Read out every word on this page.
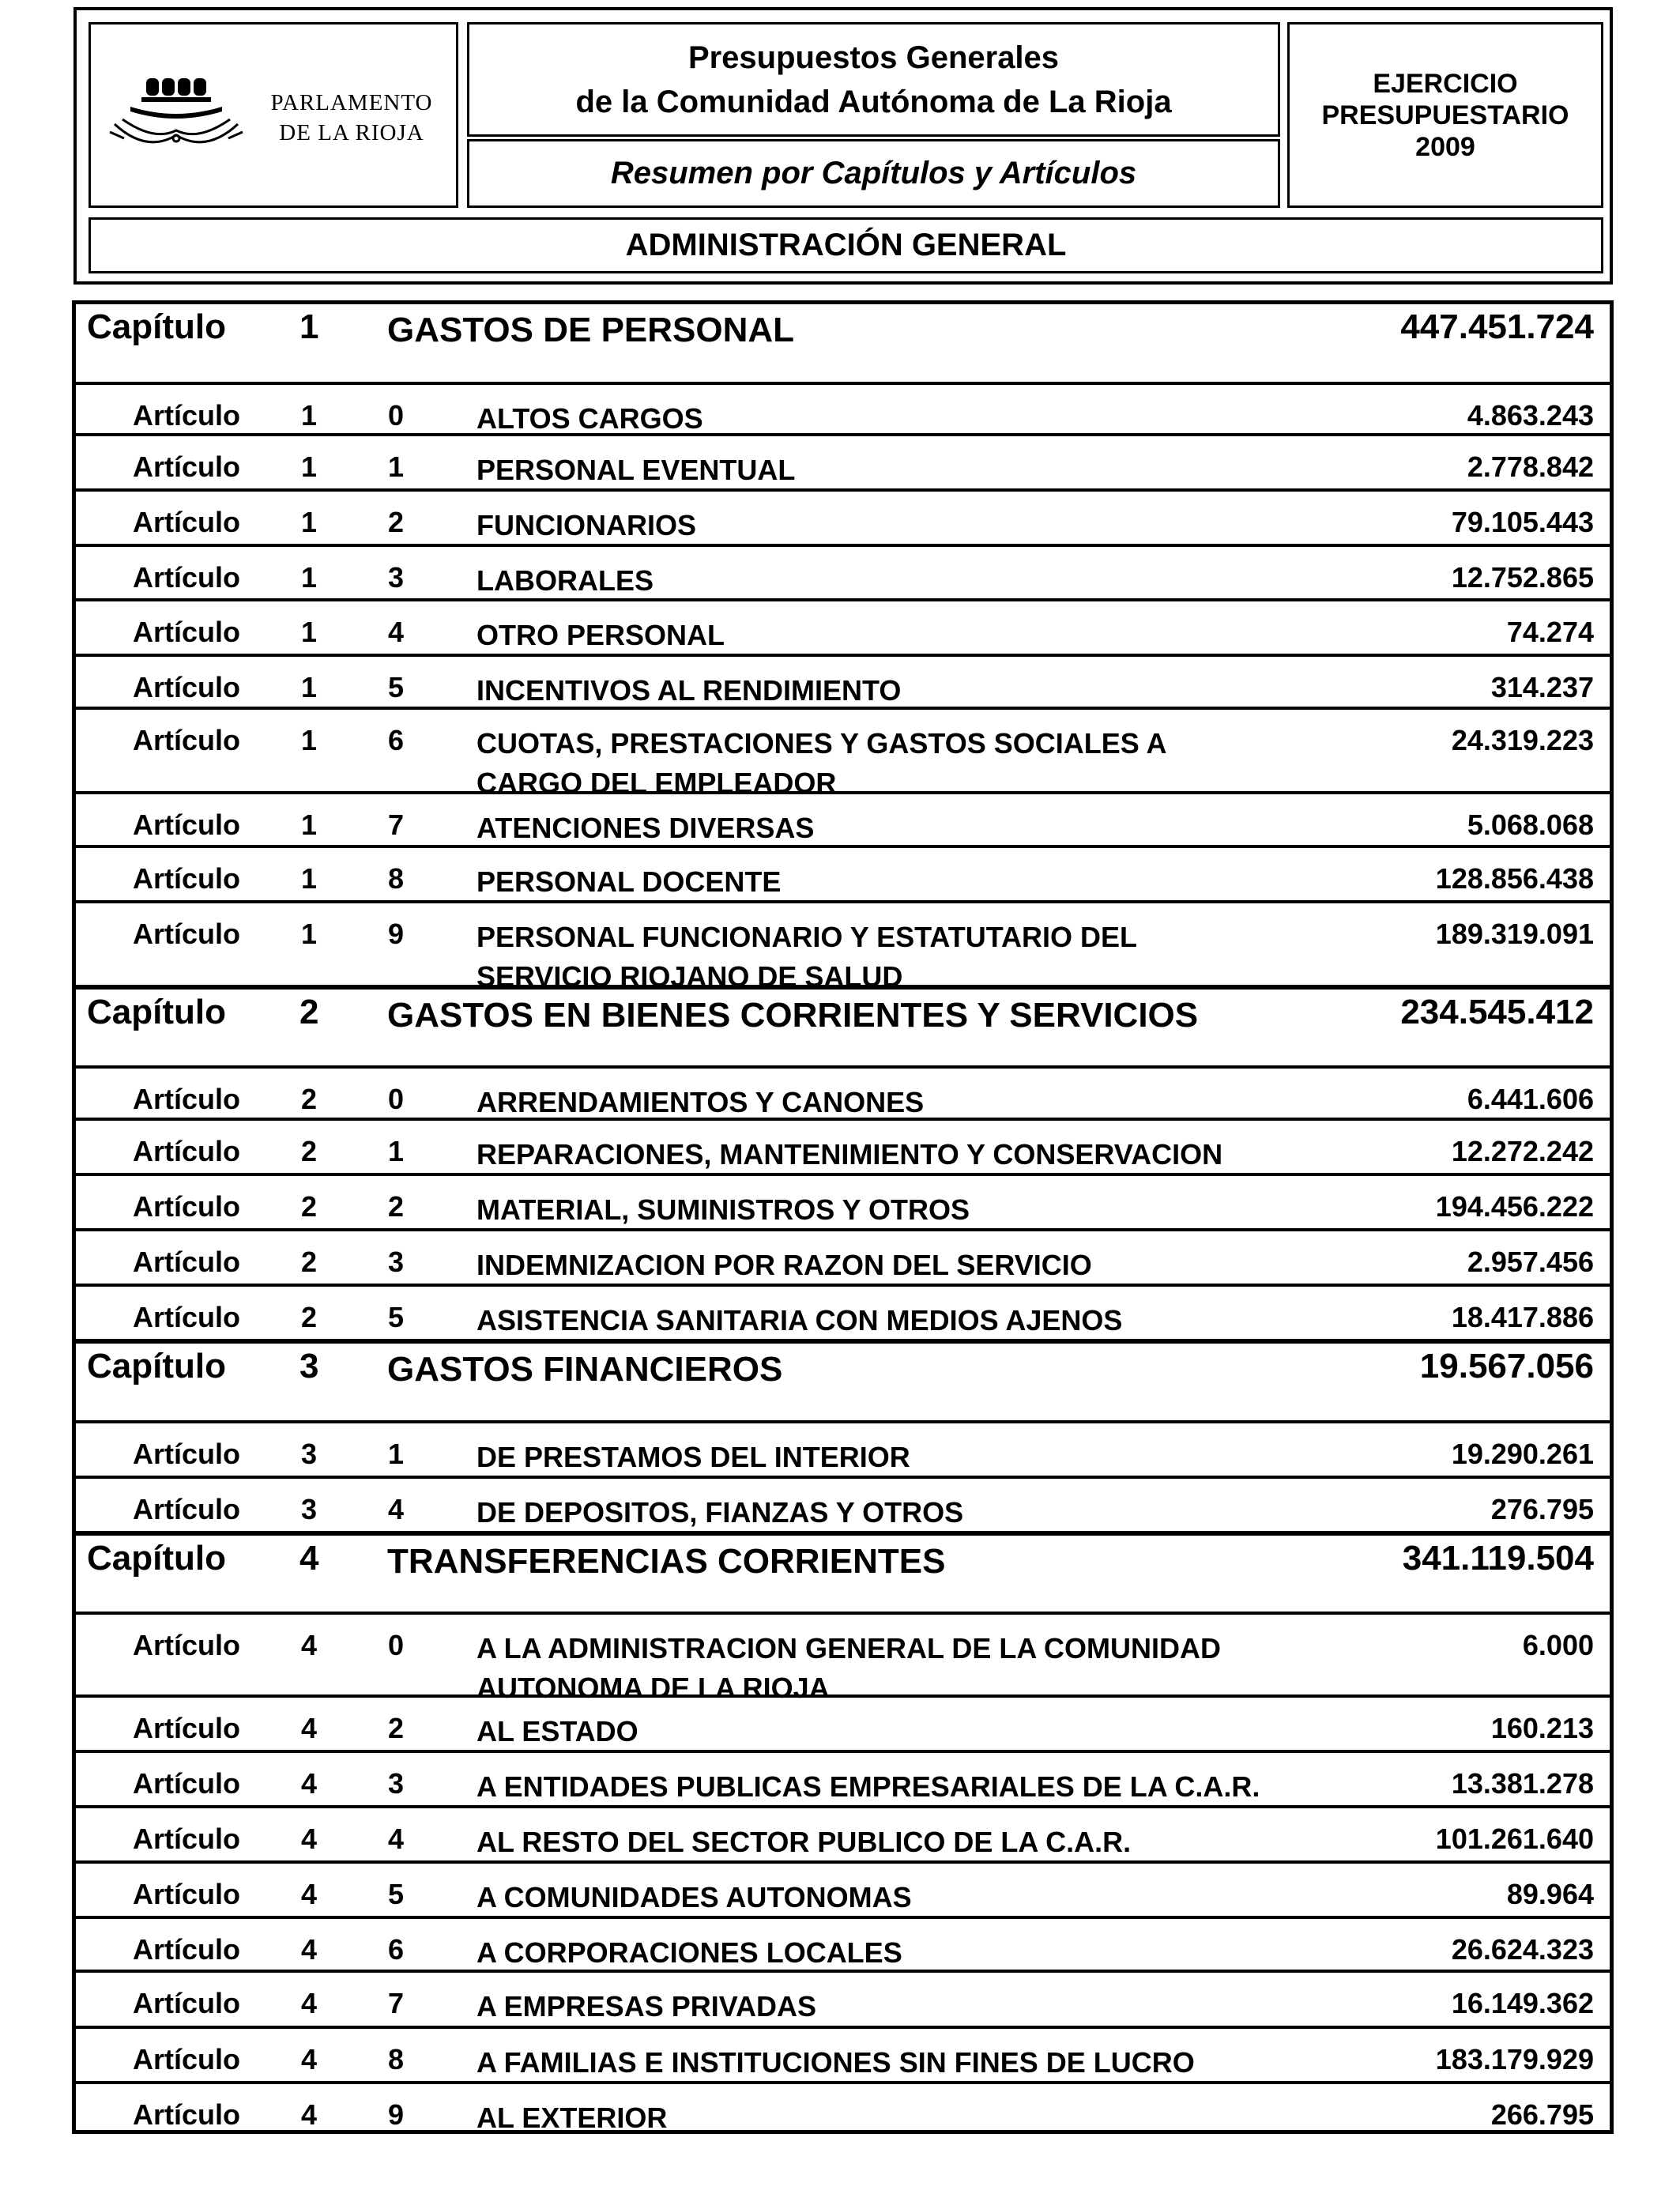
PARLAMENTO
DE LA RIOJA
Presupuestos Generales
de la Comunidad Autónoma de La Rioja
Resumen por Capítulos y Artículos
EJERCICIO
PRESUPUESTARIO
2009
ADMINISTRACIÓN GENERAL
Capítulo 1 GASTOS DE PERSONAL	447.451.724
Artículo 1 0	ALTOS CARGOS	4.863.243
Artículo 1 1	PERSONAL EVENTUAL	2.778.842
Artículo 1 2	FUNCIONARIOS	79.105.443
Artículo 1 3	LABORALES	12.752.865
Artículo 1 4	OTRO PERSONAL	74.274
Artículo 1 5	INCENTIVOS AL RENDIMIENTO	314.237
Artículo 1 6	CUOTAS, PRESTACIONES Y GASTOS SOCIALES A CARGO DEL EMPLEADOR
24.319.223
Artículo 1 7	ATENCIONES DIVERSAS	5.068.068
Artículo 1 8	PERSONAL DOCENTE	128.856.438
Artículo 1 9	PERSONAL FUNCIONARIO Y ESTATUTARIO DEL SERVICIO RIOJANO DE SALUD
189.319.091
Capítulo 2 GASTOS EN BIENES CORRIENTES Y SERVICIOS	234.545.412
Artículo 2 0	ARRENDAMIENTOS Y CANONES	6.441.606
Artículo 2 1	REPARACIONES, MANTENIMIENTO Y CONSERVACION	12.272.242
Artículo 2 2	MATERIAL, SUMINISTROS Y OTROS	194.456.222
Artículo 2 3	INDEMNIZACION POR RAZON DEL SERVICIO	2.957.456
Artículo 2 5	ASISTENCIA SANITARIA CON MEDIOS AJENOS	18.417.886
Capítulo 3 GASTOS FINANCIEROS	19.567.056
Artículo 3 1	DE PRESTAMOS DEL INTERIOR	19.290.261
Artículo 3 4	DE DEPOSITOS, FIANZAS Y OTROS	276.795
Capítulo 4 TRANSFERENCIAS CORRIENTES	341.119.504
Artículo 4 0	A LA ADMINISTRACION GENERAL DE LA COMUNIDAD AUTONOMA DE LA RIOJA
6.000
Artículo 4 2	AL ESTADO	160.213
Artículo 4 3	A ENTIDADES PUBLICAS EMPRESARIALES DE LA C.A.R.	13.381.278
Artículo 4 4	AL RESTO DEL SECTOR PUBLICO DE LA C.A.R.	101.261.640
Artículo 4 5	A COMUNIDADES AUTONOMAS	89.964
Artículo 4 6	A CORPORACIONES LOCALES	26.624.323
Artículo 4 7	A EMPRESAS PRIVADAS	16.149.362
Artículo 4 8	A FAMILIAS E INSTITUCIONES SIN FINES DE LUCRO	183.179.929
Artículo 4 9	AL EXTERIOR	266.795
